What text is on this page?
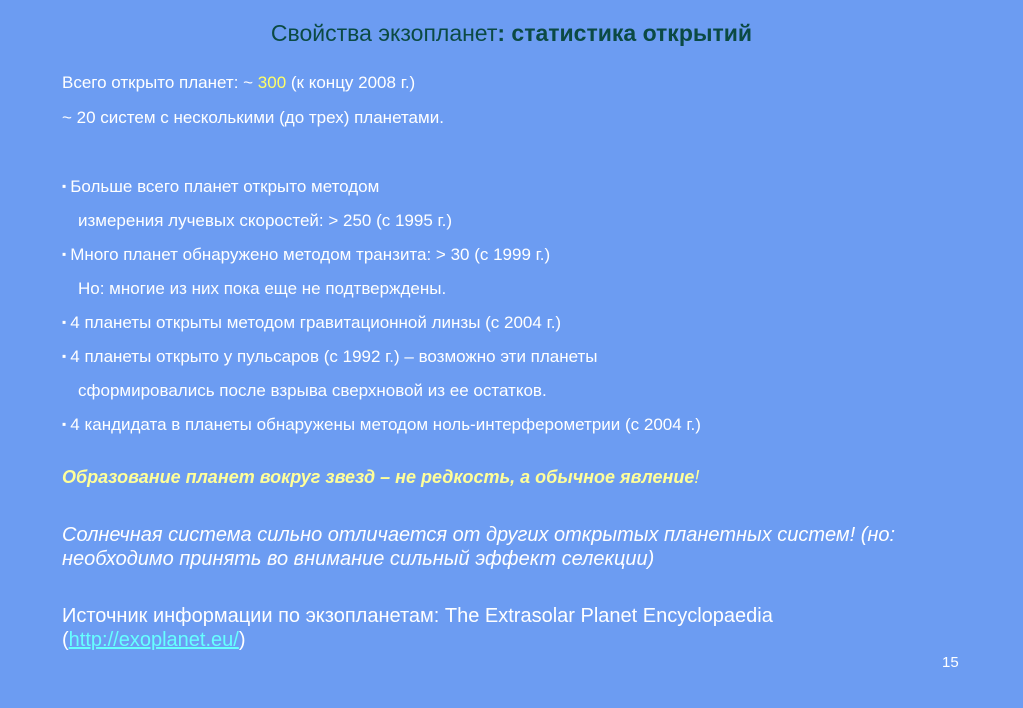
Свойства экзопланет: статистика открытий
Всего открыто планет: ~ 300 (к концу 2008 г.)
~ 20 систем с несколькими (до трех) планетами.
▪ Больше всего планет открыто методом
измерения лучевых скоростей: > 250 (с 1995 г.)
▪ Много планет обнаружено методом транзита: > 30 (с 1999 г.)
Но: многие из них пока еще не подтверждены.
▪ 4 планеты открыты методом гравитационной линзы (с 2004 г.)
▪ 4 планеты открыто у пульсаров (с 1992 г.) – возможно эти планеты
сформировались после взрыва сверхновой из ее остатков.
▪ 4 кандидата в планеты обнаружены методом ноль-интерферометрии (с 2004 г.)
Образование планет вокруг звезд – не редкость, а обычное явление!
Солнечная система сильно отличается от других открытых планетных систем! (но: необходимо принять во внимание сильный эффект селекции)
Источник информации по экзопланетам: The Extrasolar Planet Encyclopaedia
(http://exoplanet.eu/)
15
